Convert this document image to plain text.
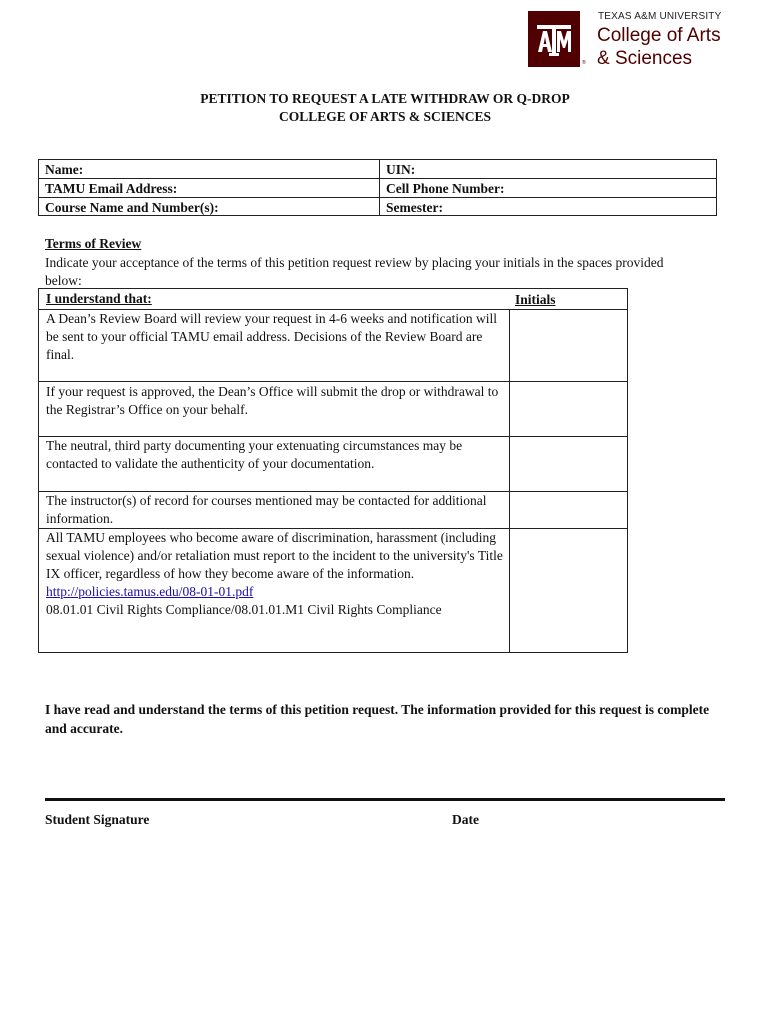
®
TEXAS A&M UNIVERSITY
College of Arts
& Sciences
PETITION TO REQUEST A LATE WITHDRAW OR Q-DROP
COLLEGE OF ARTS & SCIENCES
Name:
TAMU Email Address:
Course Name and Number(s):
UIN:
Cell Phone Number:
Semester:
Terms of Review
Indicate your acceptance of the terms of this petition request review by placing your initials in the spaces provided below:
I understand that:	Initials
A Dean’s Review Board will review your request in 4-6 weeks and notification will be sent to your official TAMU email address. Decisions of the Review Board are final.
If your request is approved, the Dean’s Office will submit the drop or withdrawal to the Registrar’s Office on your behalf.
The neutral, third party documenting your extenuating circumstances may be contacted to validate the authenticity of your documentation.
The instructor(s) of record for courses mentioned may be contacted for additional information.
All TAMU employees who become aware of discrimination, harassment (including sexual violence) and/or retaliation must report to the incident to the university's Title IX officer, regardless of how they become aware of the information.
http://policies.tamus.edu/08-01-01.pdf
08.01.01 Civil Rights Compliance/08.01.01.M1 Civil Rights Compliance
I have read and understand the terms of this petition request. The information provided for this request is complete and accurate.
Student Signature	Date
